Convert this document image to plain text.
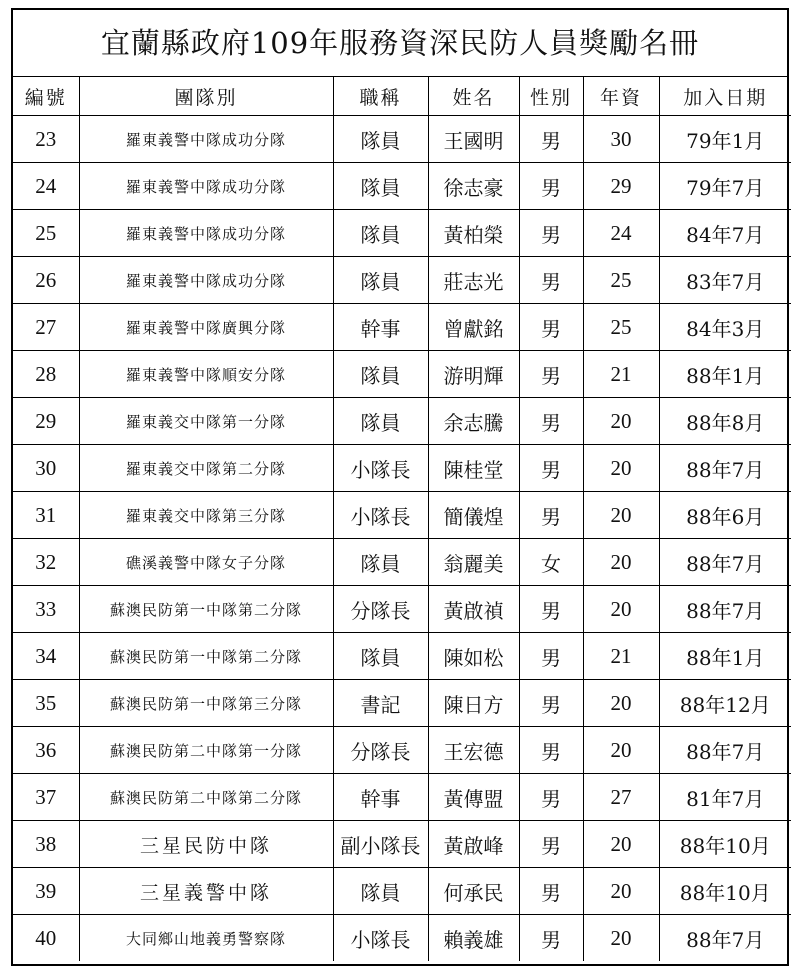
宜蘭縣政府109年服務資深民防人員獎勵名冊
編號	團隊別	職稱	姓名	性別	年資	加入日期
23	羅東義警中隊成功分隊	隊員	王國明	男	30	79年1月
24	羅東義警中隊成功分隊	隊員	徐志豪	男	29	79年7月
25	羅東義警中隊成功分隊	隊員	黃柏榮	男	24	84年7月
26	羅東義警中隊成功分隊	隊員	莊志光	男	25	83年7月
27	羅東義警中隊廣興分隊	幹事	曾獻銘	男	25	84年3月
28	羅東義警中隊順安分隊	隊員	游明輝	男	21	88年1月
29	羅東義交中隊第一分隊	隊員	余志騰	男	20	88年8月
30	羅東義交中隊第二分隊	小隊長	陳桂堂	男	20	88年7月
31	羅東義交中隊第三分隊	小隊長	簡儀煌	男	20	88年6月
32	礁溪義警中隊女子分隊	隊員	翁麗美	女	20	88年7月
33	蘇澳民防第一中隊第二分隊	分隊長	黃啟禎	男	20	88年7月
34	蘇澳民防第一中隊第二分隊	隊員	陳如松	男	21	88年1月
35	蘇澳民防第一中隊第三分隊	書記	陳日方	男	20	88年12月
36	蘇澳民防第二中隊第一分隊	分隊長	王宏德	男	20	88年7月
37	蘇澳民防第二中隊第二分隊	幹事	黃傳盟	男	27	81年7月
38	三星民防中隊	副小隊長	黃啟峰	男	20	88年10月
39	三星義警中隊	隊員	何承民	男	20	88年10月
40	大同鄉山地義勇警察隊	小隊長	賴義雄	男	20	88年7月
